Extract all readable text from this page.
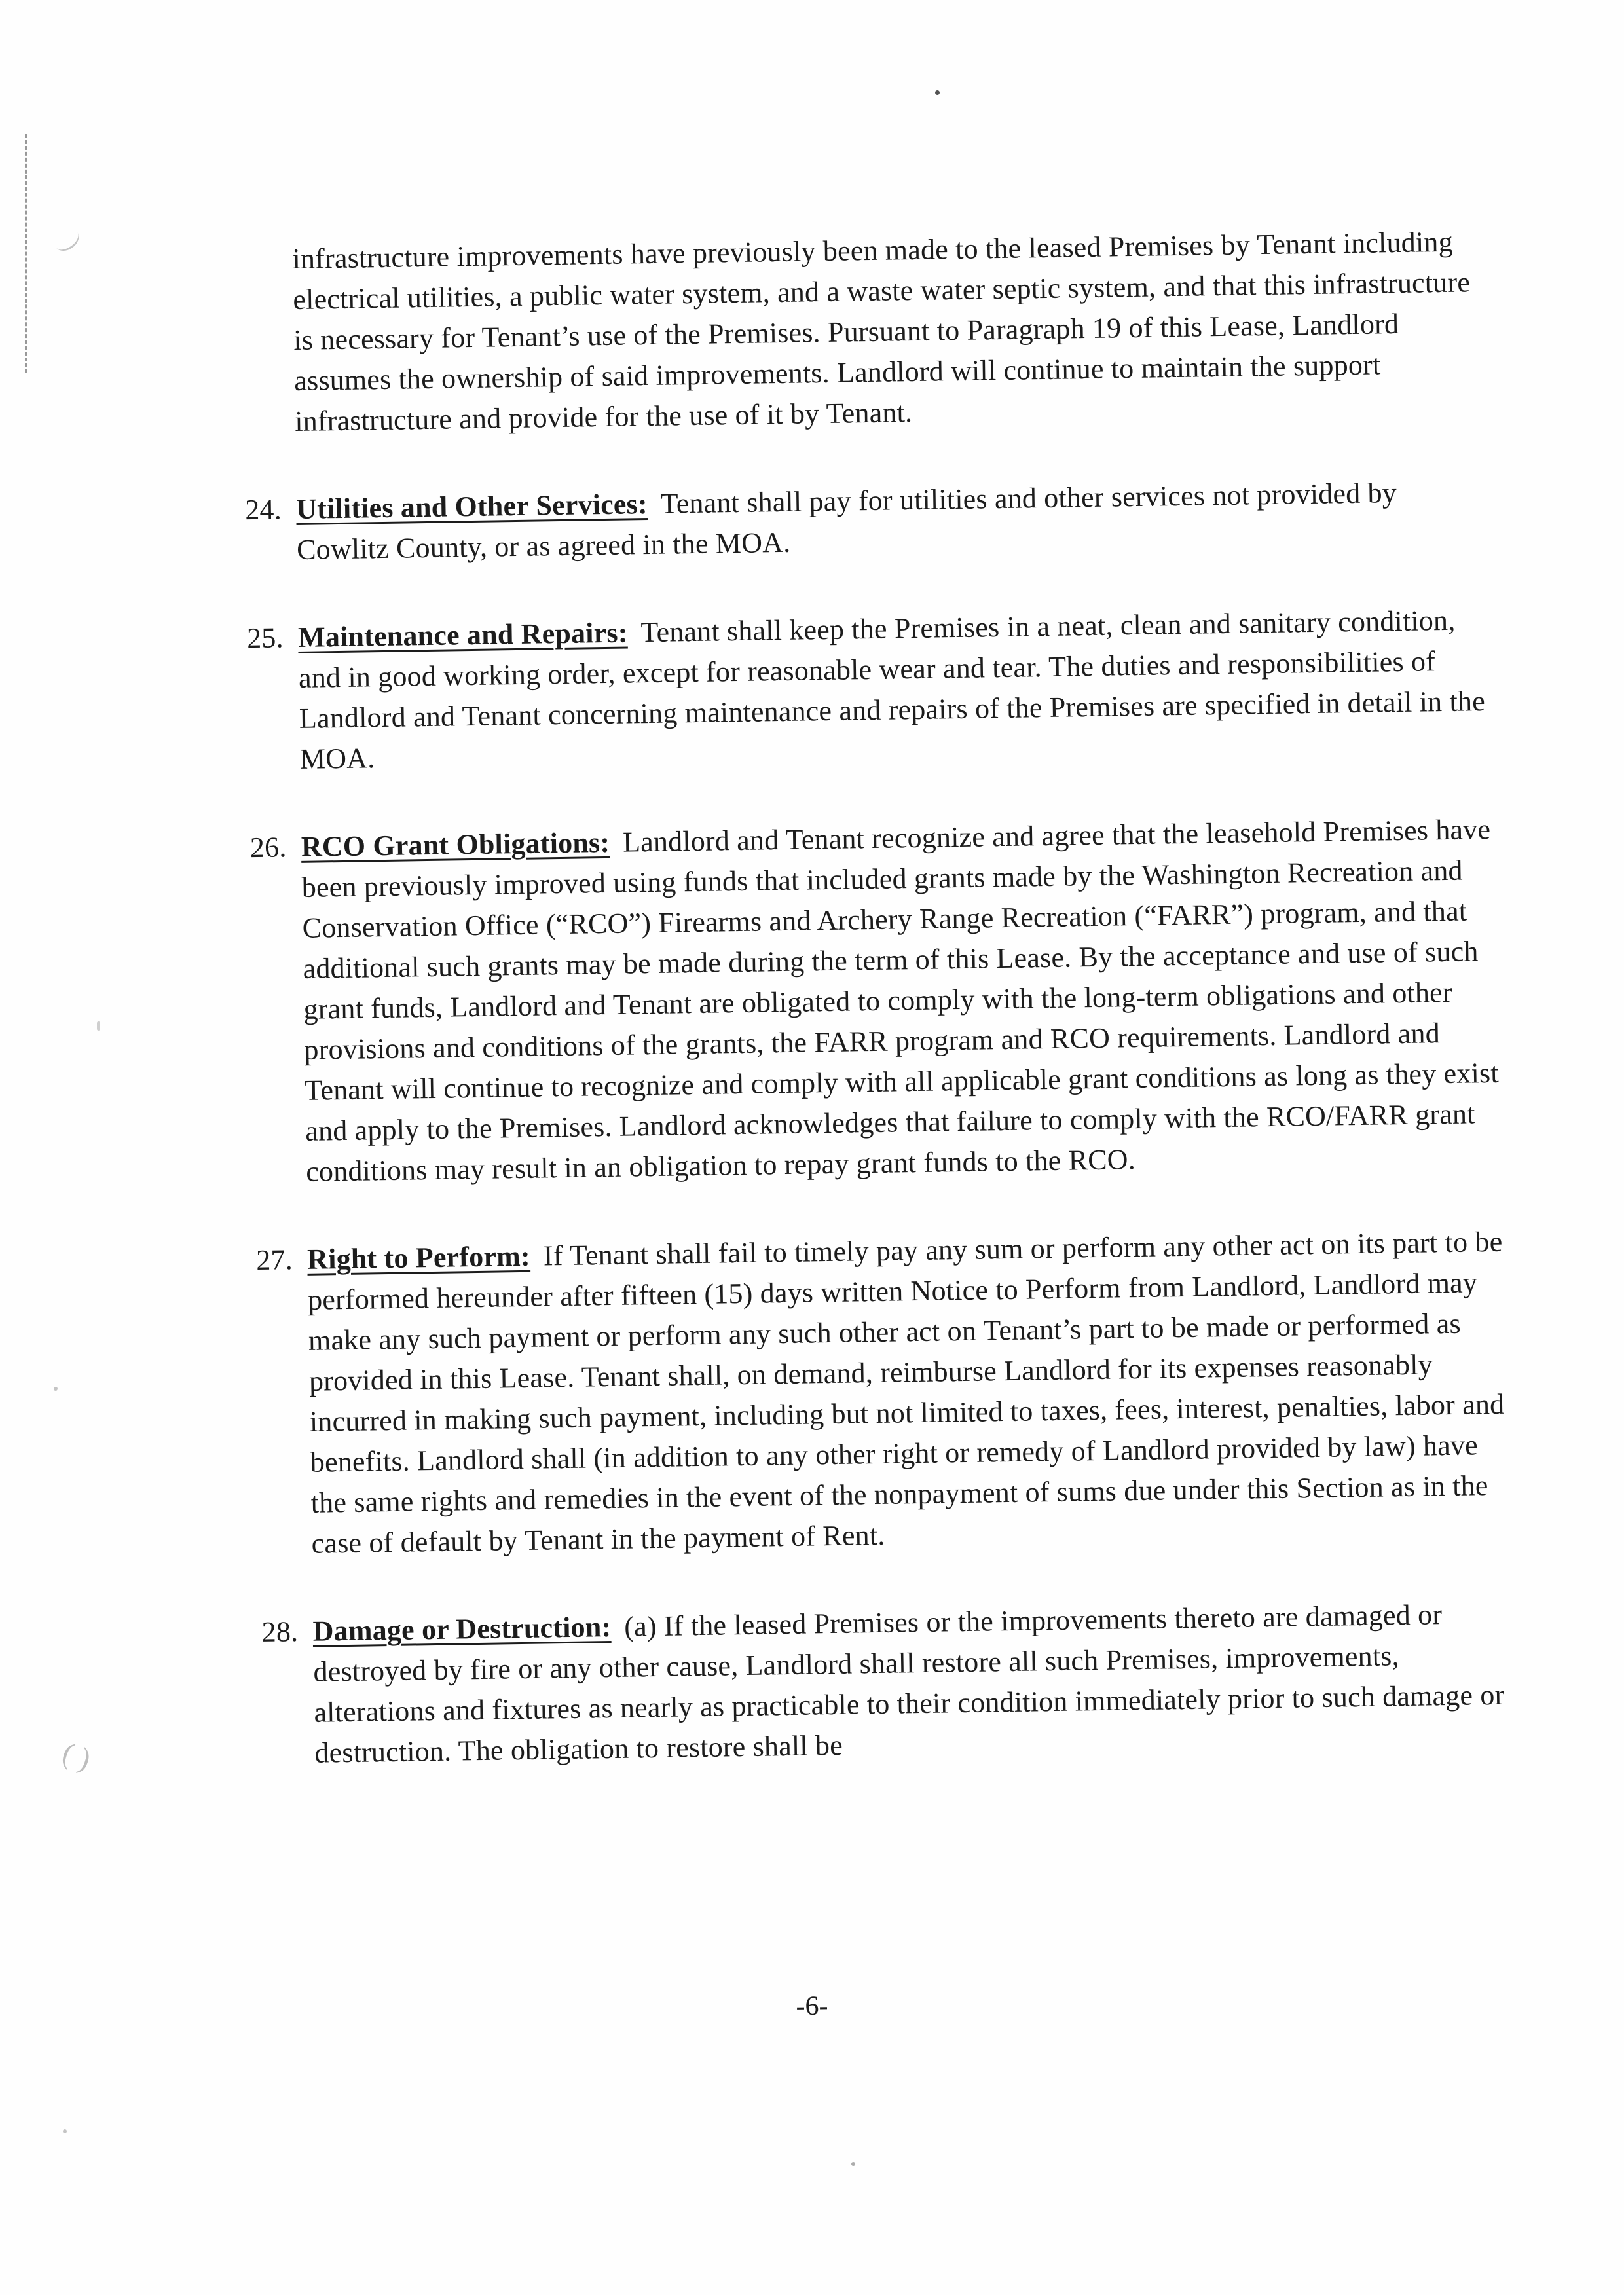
( )

infrastructure improvements have previously been made to the leased Premises by Tenant including electrical utilities, a public water system, and a waste water septic system, and that this infrastructure is necessary for Tenant’s use of the Premises. Pursuant to Paragraph 19 of this Lease, Landlord assumes the ownership of said improvements. Landlord will continue to maintain the support infrastructure and provide for the use of it by Tenant.

24. Utilities and Other Services: Tenant shall pay for utilities and other services not provided by Cowlitz County, or as agreed in the MOA.
25. Maintenance and Repairs: Tenant shall keep the Premises in a neat, clean and sanitary condition, and in good working order, except for reasonable wear and tear. The duties and responsibilities of Landlord and Tenant concerning maintenance and repairs of the Premises are specified in detail in the MOA.
26. RCO Grant Obligations: Landlord and Tenant recognize and agree that the leasehold Premises have been previously improved using funds that included grants made by the Washington Recreation and Conservation Office (“RCO”) Firearms and Archery Range Recreation (“FARR”) program, and that additional such grants may be made during the term of this Lease. By the acceptance and use of such grant funds, Landlord and Tenant are obligated to comply with the long-term obligations and other provisions and conditions of the grants, the FARR program and RCO requirements. Landlord and Tenant will continue to recognize and comply with all applicable grant conditions as long as they exist and apply to the Premises. Landlord acknowledges that failure to comply with the RCO/FARR grant conditions may result in an obligation to repay grant funds to the RCO.
27. Right to Perform: If Tenant shall fail to timely pay any sum or perform any other act on its part to be performed hereunder after fifteen (15) days written Notice to Perform from Landlord, Landlord may make any such payment or perform any such other act on Tenant’s part to be made or performed as provided in this Lease. Tenant shall, on demand, reimburse Landlord for its expenses reasonably incurred in making such payment, including but not limited to taxes, fees, interest, penalties, labor and benefits. Landlord shall (in addition to any other right or remedy of Landlord provided by law) have the same rights and remedies in the event of the nonpayment of sums due under this Section as in the case of default by Tenant in the payment of Rent.
28. Damage or Destruction: (a) If the leased Premises or the improvements thereto are damaged or destroyed by fire or any other cause, Landlord shall restore all such Premises, improvements, alterations and fixtures as nearly as practicable to their condition immediately prior to such damage or destruction. The obligation to restore shall be
-6-
